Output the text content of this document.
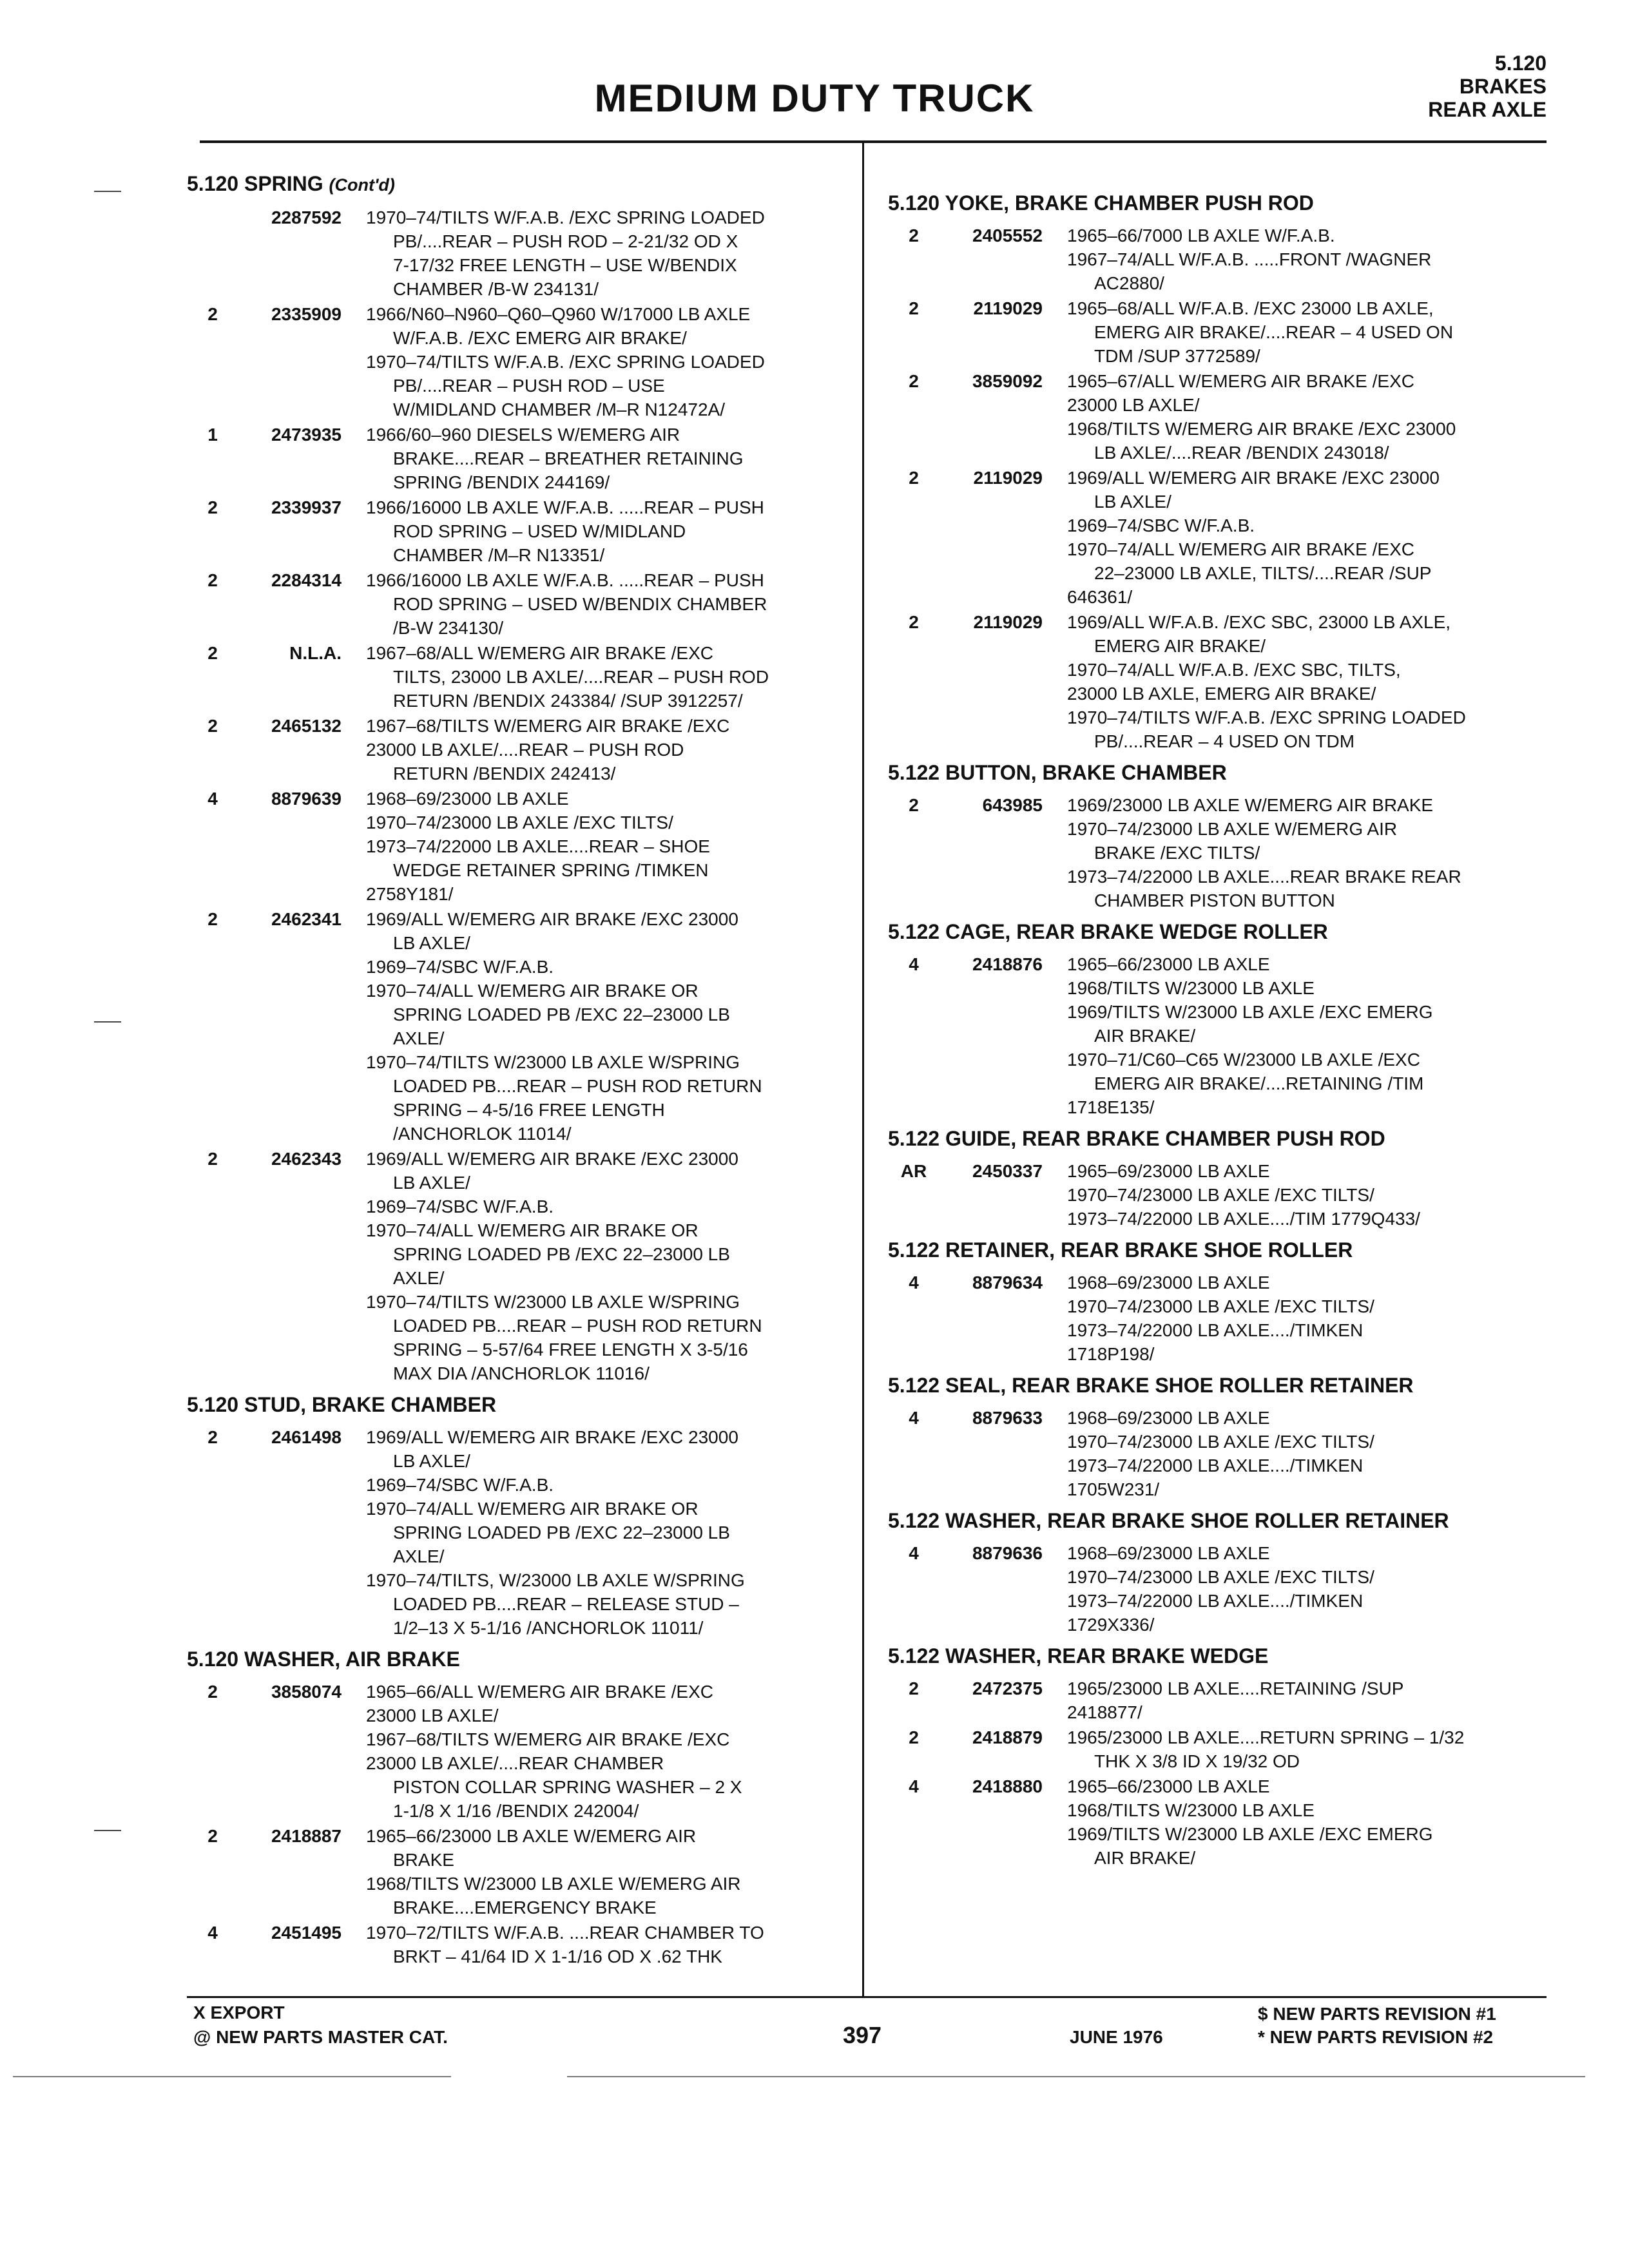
5.120
BRAKES
REAR AXLE
MEDIUM DUTY TRUCK
5.120 SPRING (Cont'd)
2287592	1970–74/TILTS W/F.A.B. /EXC SPRING LOADED
PB/....REAR – PUSH ROD – 2-21/32 OD X
7-17/32 FREE LENGTH – USE W/BENDIX
CHAMBER /B-W 234131/
2	2335909	1966/N60–N960–Q60–Q960 W/17000 LB AXLE
W/F.A.B. /EXC EMERG AIR BRAKE/
1970–74/TILTS W/F.A.B. /EXC SPRING LOADED
PB/....REAR – PUSH ROD – USE
W/MIDLAND CHAMBER /M–R N12472A/
1	2473935	1966/60–960 DIESELS W/EMERG AIR
BRAKE....REAR – BREATHER RETAINING
SPRING /BENDIX 244169/
2	2339937	1966/16000 LB AXLE W/F.A.B. .....REAR – PUSH
ROD SPRING – USED W/MIDLAND
CHAMBER /M–R N13351/
2	2284314	1966/16000 LB AXLE W/F.A.B. .....REAR – PUSH
ROD SPRING – USED W/BENDIX CHAMBER
/B-W 234130/
2	N.L.A.	1967–68/ALL W/EMERG AIR BRAKE /EXC
TILTS, 23000 LB AXLE/....REAR – PUSH ROD
RETURN /BENDIX 243384/ /SUP 3912257/
2	2465132	1967–68/TILTS W/EMERG AIR BRAKE /EXC
23000 LB AXLE/....REAR – PUSH ROD
RETURN /BENDIX 242413/
4	8879639	1968–69/23000 LB AXLE
1970–74/23000 LB AXLE /EXC TILTS/
1973–74/22000 LB AXLE....REAR – SHOE
WEDGE RETAINER SPRING /TIMKEN
2758Y181/
2	2462341	1969/ALL W/EMERG AIR BRAKE /EXC 23000
LB AXLE/
1969–74/SBC W/F.A.B.
1970–74/ALL W/EMERG AIR BRAKE OR
SPRING LOADED PB /EXC 22–23000 LB
AXLE/
1970–74/TILTS W/23000 LB AXLE W/SPRING
LOADED PB....REAR – PUSH ROD RETURN
SPRING – 4-5/16 FREE LENGTH
/ANCHORLOK 11014/
2	2462343	1969/ALL W/EMERG AIR BRAKE /EXC 23000
LB AXLE/
1969–74/SBC W/F.A.B.
1970–74/ALL W/EMERG AIR BRAKE OR
SPRING LOADED PB /EXC 22–23000 LB
AXLE/
1970–74/TILTS W/23000 LB AXLE W/SPRING
LOADED PB....REAR – PUSH ROD RETURN
SPRING – 5-57/64 FREE LENGTH X 3-5/16
MAX DIA /ANCHORLOK 11016/
5.120 STUD, BRAKE CHAMBER
2	2461498	1969/ALL W/EMERG AIR BRAKE /EXC 23000
LB AXLE/
1969–74/SBC W/F.A.B.
1970–74/ALL W/EMERG AIR BRAKE OR
SPRING LOADED PB /EXC 22–23000 LB
AXLE/
1970–74/TILTS, W/23000 LB AXLE W/SPRING
LOADED PB....REAR – RELEASE STUD –
1/2–13 X 5-1/16 /ANCHORLOK 11011/
5.120 WASHER, AIR BRAKE
2	3858074	1965–66/ALL W/EMERG AIR BRAKE /EXC
23000 LB AXLE/
1967–68/TILTS W/EMERG AIR BRAKE /EXC
23000 LB AXLE/....REAR CHAMBER
PISTON COLLAR SPRING WASHER – 2 X
1-1/8 X 1/16 /BENDIX 242004/
2	2418887	1965–66/23000 LB AXLE W/EMERG AIR
BRAKE
1968/TILTS W/23000 LB AXLE W/EMERG AIR
BRAKE....EMERGENCY BRAKE
4	2451495	1970–72/TILTS W/F.A.B. ....REAR CHAMBER TO
BRKT – 41/64 ID X 1-1/16 OD X .62 THK
5.120 YOKE, BRAKE CHAMBER PUSH ROD
2	2405552	1965–66/7000 LB AXLE W/F.A.B.
1967–74/ALL W/F.A.B. .....FRONT /WAGNER
AC2880/
2	2119029	1965–68/ALL W/F.A.B. /EXC 23000 LB AXLE,
EMERG AIR BRAKE/....REAR – 4 USED ON
TDM /SUP 3772589/
2	3859092	1965–67/ALL W/EMERG AIR BRAKE /EXC
23000 LB AXLE/
1968/TILTS W/EMERG AIR BRAKE /EXC 23000
LB AXLE/....REAR /BENDIX 243018/
2	2119029	1969/ALL W/EMERG AIR BRAKE /EXC 23000
LB AXLE/
1969–74/SBC W/F.A.B.
1970–74/ALL W/EMERG AIR BRAKE /EXC
22–23000 LB AXLE, TILTS/....REAR /SUP
646361/
2	2119029	1969/ALL W/F.A.B. /EXC SBC, 23000 LB AXLE,
EMERG AIR BRAKE/
1970–74/ALL W/F.A.B. /EXC SBC, TILTS,
23000 LB AXLE, EMERG AIR BRAKE/
1970–74/TILTS W/F.A.B. /EXC SPRING LOADED
PB/....REAR – 4 USED ON TDM
5.122 BUTTON, BRAKE CHAMBER
2	643985	1969/23000 LB AXLE W/EMERG AIR BRAKE
1970–74/23000 LB AXLE W/EMERG AIR
BRAKE /EXC TILTS/
1973–74/22000 LB AXLE....REAR BRAKE REAR
CHAMBER PISTON BUTTON
5.122 CAGE, REAR BRAKE WEDGE ROLLER
4	2418876	1965–66/23000 LB AXLE
1968/TILTS W/23000 LB AXLE
1969/TILTS W/23000 LB AXLE /EXC EMERG
AIR BRAKE/
1970–71/C60–C65 W/23000 LB AXLE /EXC
EMERG AIR BRAKE/....RETAINING /TIM
1718E135/
5.122 GUIDE, REAR BRAKE CHAMBER PUSH ROD
AR	2450337	1965–69/23000 LB AXLE
1970–74/23000 LB AXLE /EXC TILTS/
1973–74/22000 LB AXLE..../TIM 1779Q433/
5.122 RETAINER, REAR BRAKE SHOE ROLLER
4	8879634	1968–69/23000 LB AXLE
1970–74/23000 LB AXLE /EXC TILTS/
1973–74/22000 LB AXLE..../TIMKEN
1718P198/
5.122 SEAL, REAR BRAKE SHOE ROLLER RETAINER
4	8879633	1968–69/23000 LB AXLE
1970–74/23000 LB AXLE /EXC TILTS/
1973–74/22000 LB AXLE..../TIMKEN
1705W231/
5.122 WASHER, REAR BRAKE SHOE ROLLER RETAINER
4	8879636	1968–69/23000 LB AXLE
1970–74/23000 LB AXLE /EXC TILTS/
1973–74/22000 LB AXLE..../TIMKEN
1729X336/
5.122 WASHER, REAR BRAKE WEDGE
2	2472375	1965/23000 LB AXLE....RETAINING /SUP
2418877/
2	2418879	1965/23000 LB AXLE....RETURN SPRING – 1/32
THK X 3/8 ID X 19/32 OD
4	2418880	1965–66/23000 LB AXLE
1968/TILTS W/23000 LB AXLE
1969/TILTS W/23000 LB AXLE /EXC EMERG
AIR BRAKE/
X EXPORT
@ NEW PARTS MASTER CAT.	397	JUNE 1976
$ NEW PARTS REVISION #1
* NEW PARTS REVISION #2
